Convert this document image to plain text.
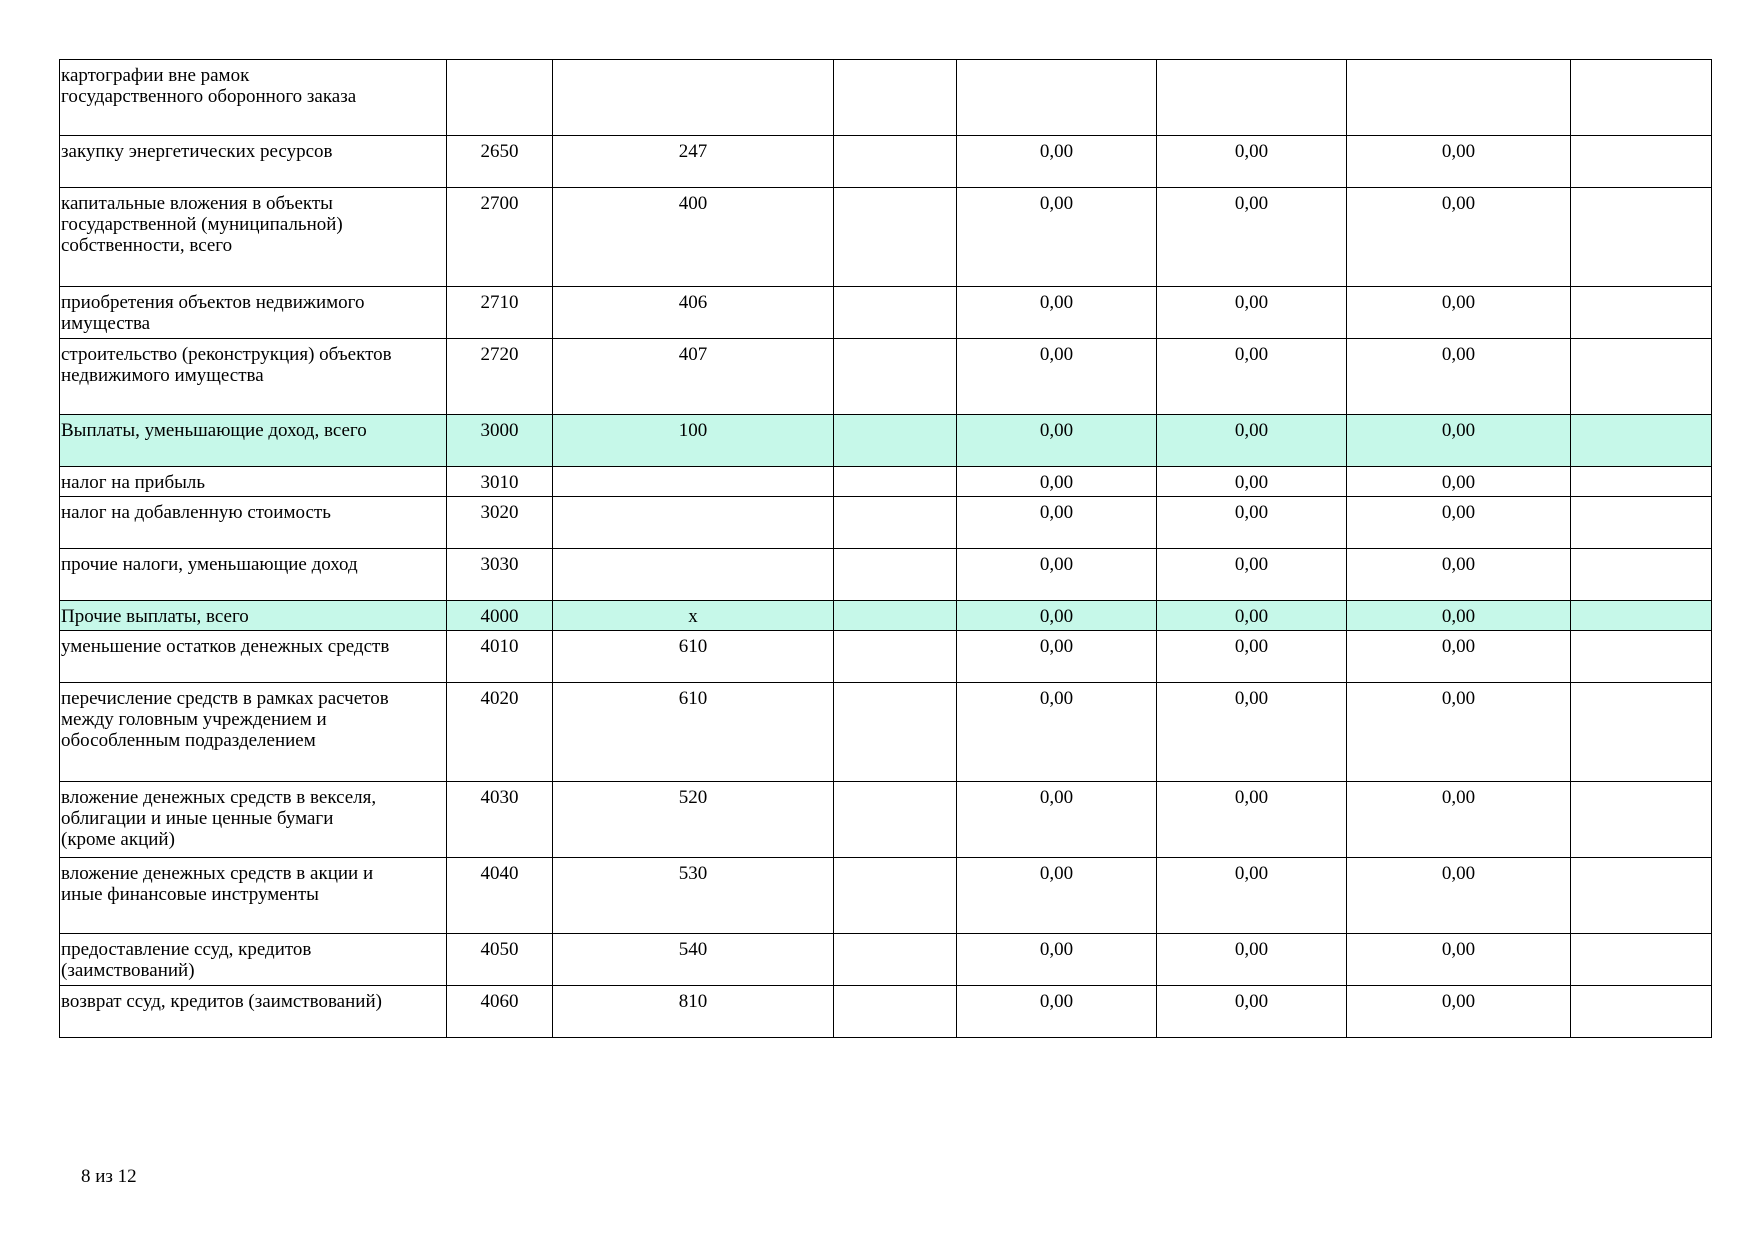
картографии вне рамок
государственного оборонного заказа							
закупку энергетических ресурсов	2650	247		0,00	0,00	0,00	
капитальные вложения в объекты
государственной (муниципальной)
собственности, всего	2700	400		0,00	0,00	0,00	
приобретения объектов недвижимого
имущества	2710	406		0,00	0,00	0,00	
строительство (реконструкция) объектов
недвижимого имущества	2720	407		0,00	0,00	0,00	
Выплаты, уменьшающие доход, всего	3000	100		0,00	0,00	0,00	
налог на прибыль	3010			0,00	0,00	0,00	
налог на добавленную стоимость	3020			0,00	0,00	0,00	
прочие налоги, уменьшающие доход	3030			0,00	0,00	0,00	
Прочие выплаты, всего	4000	х		0,00	0,00	0,00	
уменьшение остатков денежных средств	4010	610		0,00	0,00	0,00	
перечисление средств в рамках расчетов
между головным учреждением и
обособленным подразделением	4020	610		0,00	0,00	0,00	
вложение денежных средств в векселя,
облигации и иные ценные бумаги
(кроме акций)	4030	520		0,00	0,00	0,00	
вложение денежных средств в акции и
иные финансовые инструменты	4040	530		0,00	0,00	0,00	
предоставление ссуд, кредитов
(заимствований)	4050	540		0,00	0,00	0,00	
возврат ссуд, кредитов (заимствований)	4060	810		0,00	0,00	0,00	
8 из 12
